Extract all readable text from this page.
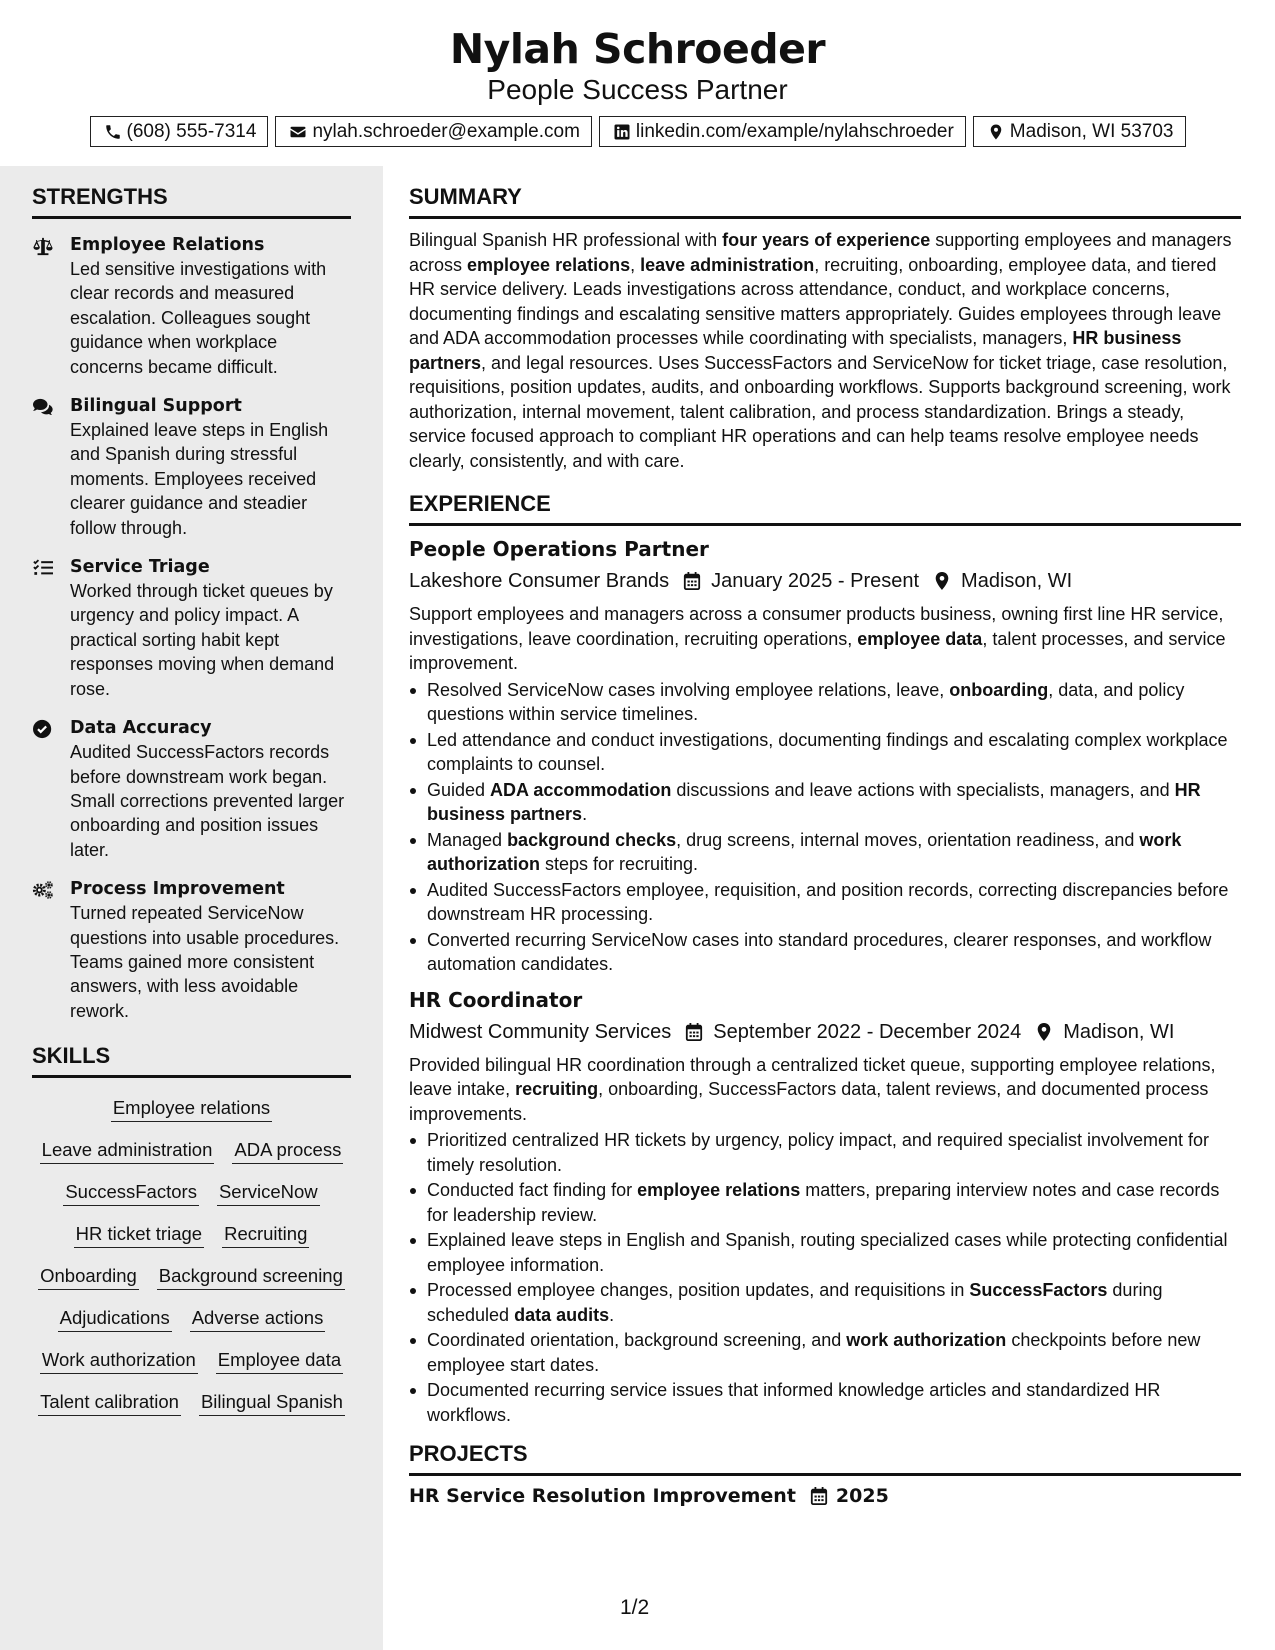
Nylah Schroeder
People Success Partner
(608) 555-7314	nylah.schroeder@example.com	linkedin.com/example/nylahschroeder	Madison, WI 53703
STRENGTHS
Employee Relations
Led sensitive investigations with clear records and measured escalation. Colleagues sought guidance when workplace concerns became difficult.
Bilingual Support
Explained leave steps in English and Spanish during stressful moments. Employees received clearer guidance and steadier follow through.
Service Triage
Worked through ticket queues by urgency and policy impact. A practical sorting habit kept responses moving when demand rose.
Data Accuracy
Audited SuccessFactors records before downstream work began. Small corrections prevented larger onboarding and position issues later.
Process Improvement
Turned repeated ServiceNow questions into usable procedures. Teams gained more consistent answers, with less avoidable rework.
SKILLS
Employee relations
Leave administration ADA process
SuccessFactors ServiceNow
HR ticket triage Recruiting
Onboarding Background screening
Adjudications Adverse actions
Work authorization Employee data
Talent calibration Bilingual Spanish
SUMMARY
Bilingual Spanish HR professional with four years of experience supporting employees and managers across employee relations, leave administration, recruiting, onboarding, employee data, and tiered HR service delivery. Leads investigations across attendance, conduct, and workplace concerns, documenting findings and escalating sensitive matters appropriately. Guides employees through leave and ADA accommodation processes while coordinating with specialists, managers, HR business partners, and legal resources. Uses SuccessFactors and ServiceNow for ticket triage, case resolution, requisitions, position updates, audits, and onboarding workflows. Supports background screening, work authorization, internal movement, talent calibration, and process standardization. Brings a steady, service focused approach to compliant HR operations and can help teams resolve employee needs clearly, consistently, and with care.
EXPERIENCE
People Operations Partner
Lakeshore Consumer Brands January 2025 - Present Madison, WI
Support employees and managers across a consumer products business, owning first line HR service, investigations, leave coordination, recruiting operations, employee data, talent processes, and service improvement.
Resolved ServiceNow cases involving employee relations, leave, onboarding, data, and policy questions within service timelines.
Led attendance and conduct investigations, documenting findings and escalating complex workplace complaints to counsel.
Guided ADA accommodation discussions and leave actions with specialists, managers, and HR business partners.
Managed background checks, drug screens, internal moves, orientation readiness, and work authorization steps for recruiting.
Audited SuccessFactors employee, requisition, and position records, correcting discrepancies before downstream HR processing.
Converted recurring ServiceNow cases into standard procedures, clearer responses, and workflow automation candidates.
HR Coordinator
Midwest Community Services September 2022 - December 2024 Madison, WI
Provided bilingual HR coordination through a centralized ticket queue, supporting employee relations, leave intake, recruiting, onboarding, SuccessFactors data, talent reviews, and documented process improvements.
Prioritized centralized HR tickets by urgency, policy impact, and required specialist involvement for timely resolution.
Conducted fact finding for employee relations matters, preparing interview notes and case records for leadership review.
Explained leave steps in English and Spanish, routing specialized cases while protecting confidential employee information.
Processed employee changes, position updates, and requisitions in SuccessFactors during scheduled data audits.
Coordinated orientation, background screening, and work authorization checkpoints before new employee start dates.
Documented recurring service issues that informed knowledge articles and standardized HR workflows.
PROJECTS
HR Service Resolution Improvement 2025
1/2
